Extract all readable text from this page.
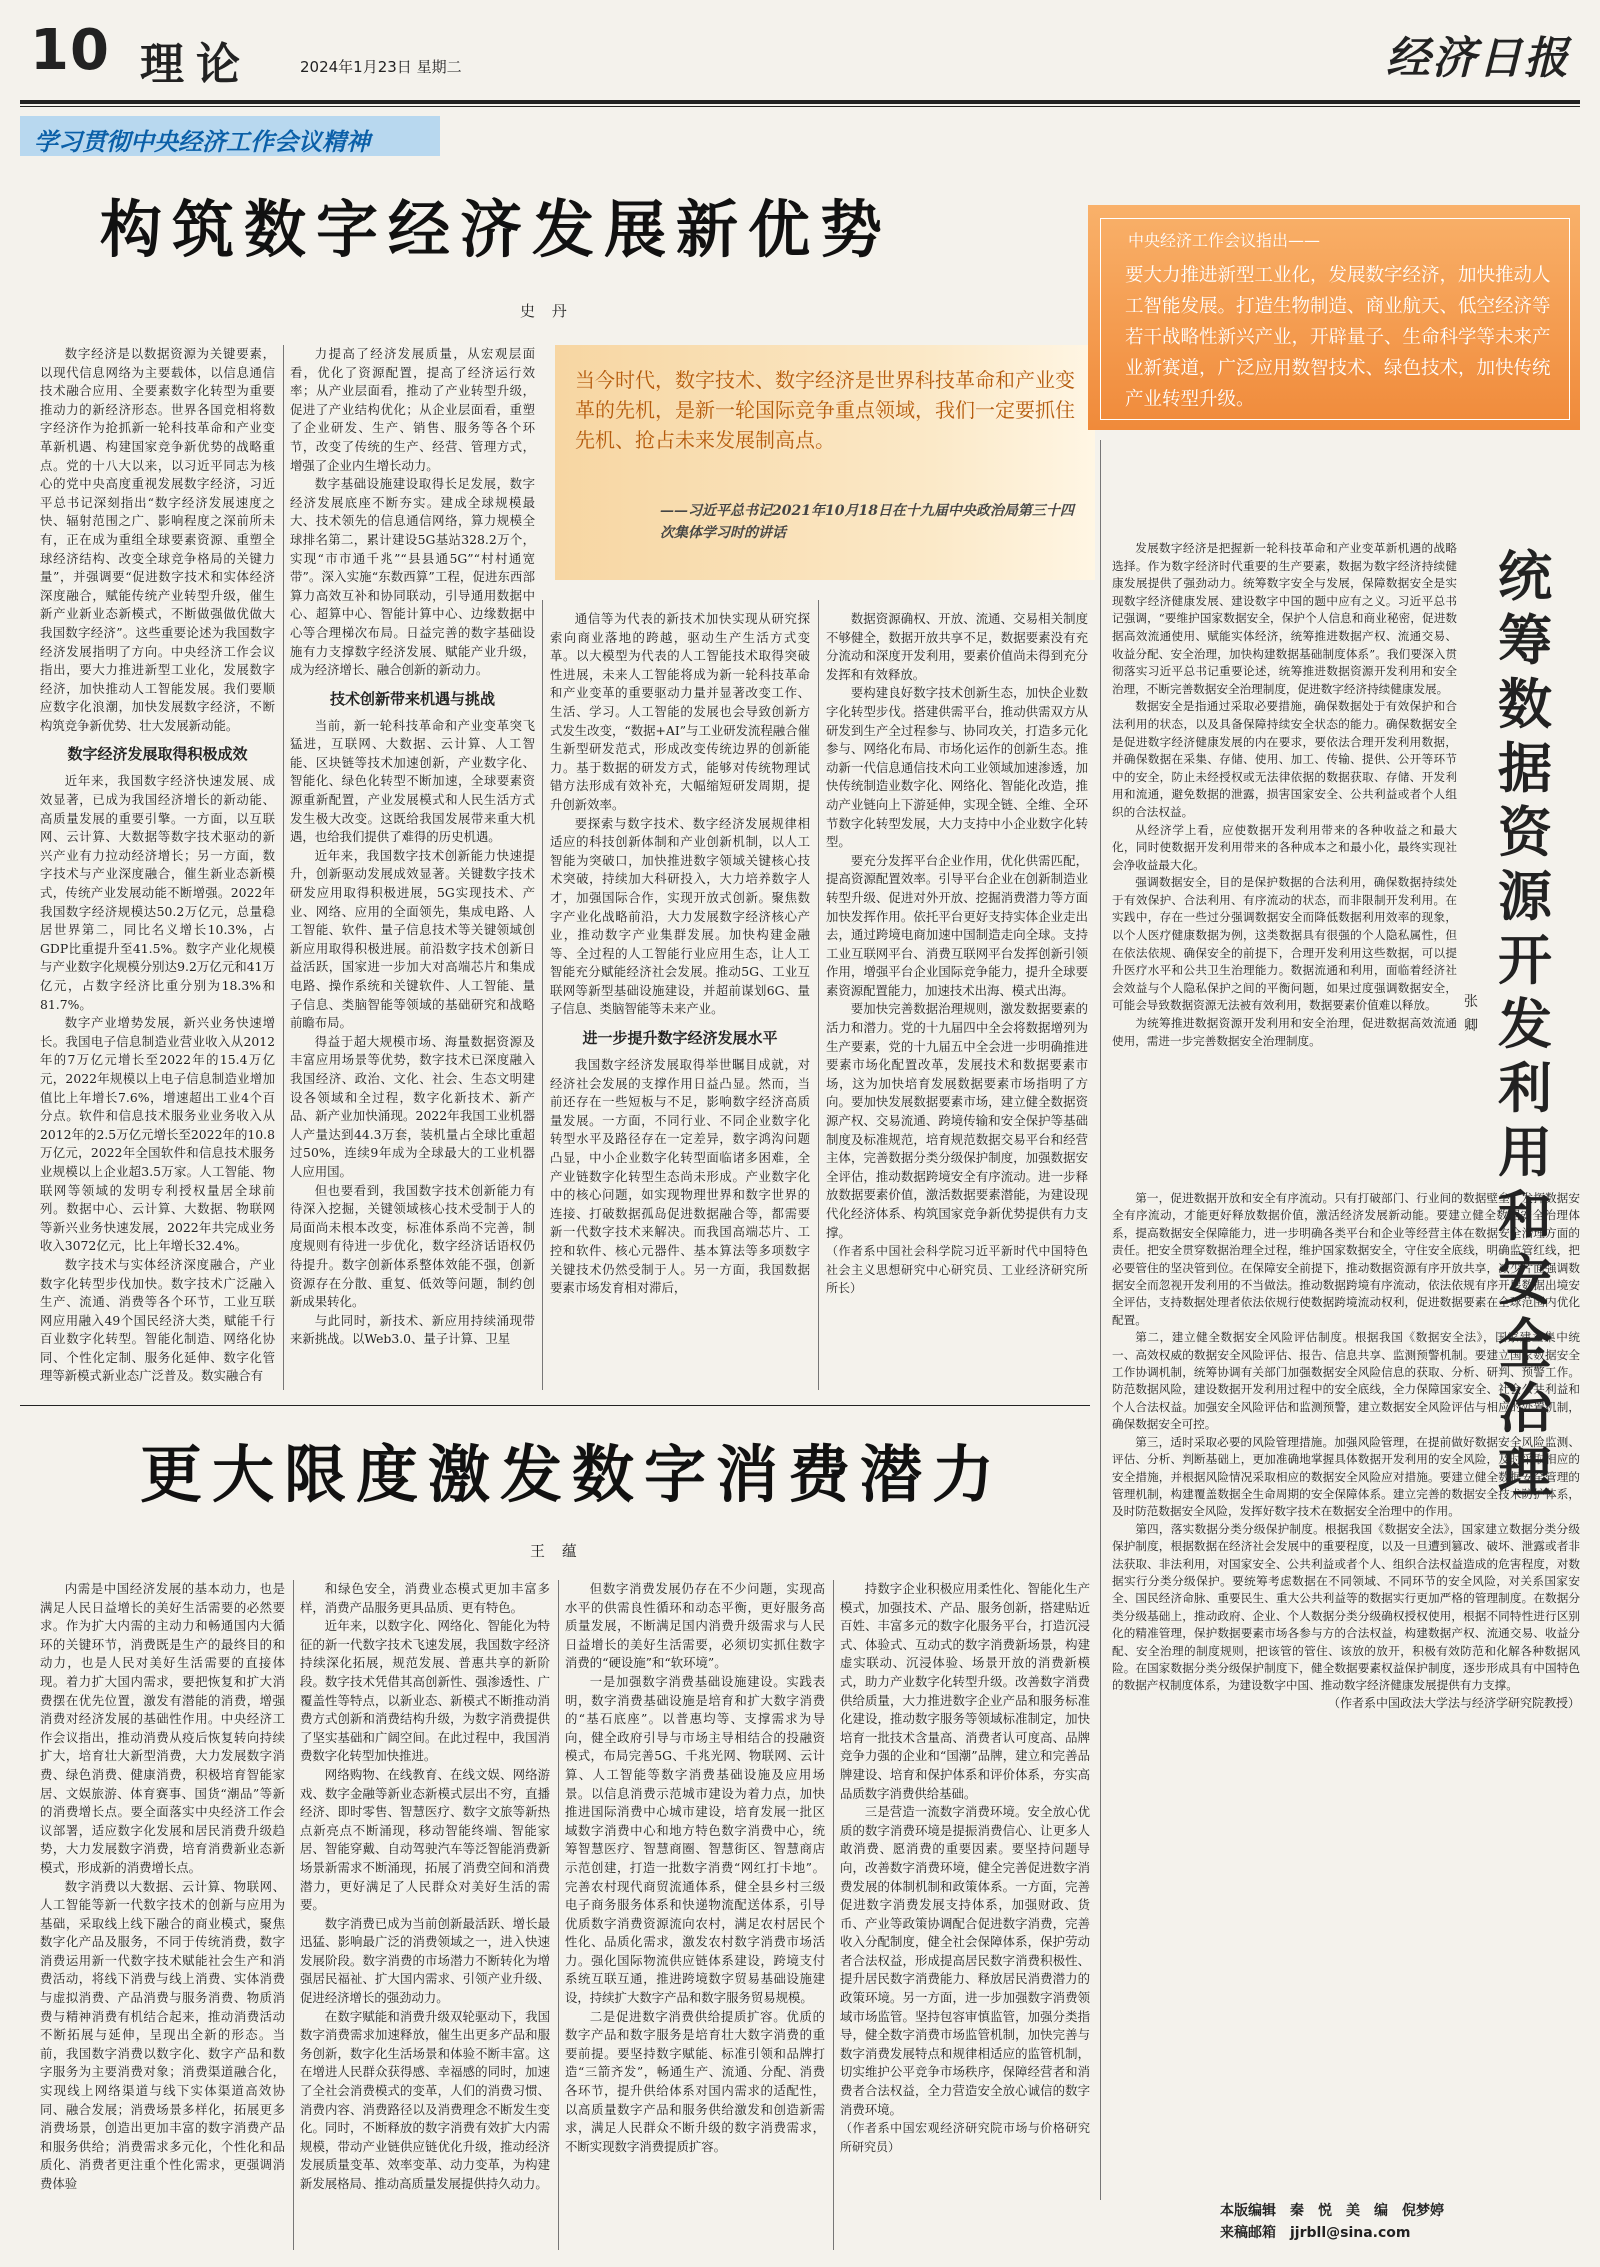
10 理论	2024年1月23日 星期二	经济日报
学习贯彻中央经济工作会议精神
构筑数字经济发展新优势
史 丹

数字经济是以数据资源为关键要素，以现代信息网络为主要载体，以信息通信技术融合应用、全要素数字化转型为重要推动力的新经济形态。世界各国竞相将数字经济作为抢抓新一轮科技革命和产业变革新机遇、构建国家竞争新优势的战略重点。党的十八大以来，以习近平同志为核心的党中央高度重视发展数字经济，习近平总书记深刻指出“数字经济发展速度之快、辐射范围之广、影响程度之深前所未有，正在成为重组全球要素资源、重塑全球经济结构、改变全球竞争格局的关键力量”，并强调要“促进数字技术和实体经济深度融合，赋能传统产业转型升级，催生新产业新业态新模式，不断做强做优做大我国数字经济”。这些重要论述为我国数字经济发展指明了方向。中央经济工作会议指出，要大力推进新型工业化，发展数字经济，加快推动人工智能发展。我们要顺应数字化浪潮，加快发展数字经济，不断构筑竞争新优势、壮大发展新动能。

数字经济发展取得积极成效

近年来，我国数字经济快速发展、成效显著，已成为我国经济增长的新动能、高质量发展的重要引擎。一方面，以互联网、云计算、大数据等数字技术驱动的新兴产业有力拉动经济增长；另一方面，数字技术与产业深度融合，催生新业态新模式，传统产业发展动能不断增强。2022年我国数字经济规模达50.2万亿元，总量稳居世界第二，同比名义增长10.3%，占GDP比重提升至41.5%。数字产业化规模与产业数字化规模分别达9.2万亿元和41万亿元，占数字经济比重分别为18.3%和81.7%。

数字产业增势发展，新兴业务快速增长。我国电子信息制造业营业收入从2012年的7万亿元增长至2022年的15.4万亿元，2022年规模以上电子信息制造业增加值比上年增长7.6%，增速超出工业4个百分点。软件和信息技术服务业业务收入从2012年的2.5万亿元增长至2022年的10.8万亿元，2022年全国软件和信息技术服务业规模以上企业超3.5万家。人工智能、物联网等领域的发明专利授权量居全球前列。数据中心、云计算、大数据、物联网等新兴业务快速发展，2022年共完成业务收入3072亿元，比上年增长32.4%。

数字技术与实体经济深度融合，产业数字化转型步伐加快。数字技术广泛融入生产、流通、消费等各个环节，工业互联网应用融入49个国民经济大类，赋能千行百业数字化转型。智能化制造、网络化协同、个性化定制、服务化延伸、数字化管理等新模式新业态广泛普及。数实融合有

力提高了经济发展质量，从宏观层面看，优化了资源配置，提高了经济运行效率；从产业层面看，推动了产业转型升级，促进了产业结构优化；从企业层面看，重塑了企业研发、生产、销售、服务等各个环节，改变了传统的生产、经营、管理方式，增强了企业内生增长动力。

数字基础设施建设取得长足发展，数字经济发展底座不断夯实。建成全球规模最大、技术领先的信息通信网络，算力规模全球排名第二，累计建设5G基站328.2万个，实现“市市通千兆”“县县通5G”“村村通宽带”。深入实施“东数西算”工程，促进东西部算力高效互补和协同联动，引导通用数据中心、超算中心、智能计算中心、边缘数据中心等合理梯次布局。日益完善的数字基础设施有力支撑数字经济发展、赋能产业升级，成为经济增长、融合创新的新动力。

技术创新带来机遇与挑战

当前，新一轮科技革命和产业变革突飞猛进，互联网、大数据、云计算、人工智能、区块链等技术加速创新，产业数字化、智能化、绿色化转型不断加速，全球要素资源重新配置，产业发展模式和人民生活方式发生极大改变。这既给我国发展带来重大机遇，也给我们提供了难得的历史机遇。

近年来，我国数字技术创新能力快速提升，创新驱动发展成效显著。关键数字技术研发应用取得积极进展，5G实现技术、产业、网络、应用的全面领先，集成电路、人工智能、软件、量子信息技术等关键领域创新应用取得积极进展。前沿数字技术创新日益活跃，国家进一步加大对高端芯片和集成电路、操作系统和关键软件、人工智能、量子信息、类脑智能等领域的基础研究和战略前瞻布局。

得益于超大规模市场、海量数据资源及丰富应用场景等优势，数字技术已深度融入我国经济、政治、文化、社会、生态文明建设各领域和全过程，数字化新技术、新产品、新产业加快涌现。2022年我国工业机器人产量达到44.3万套，装机量占全球比重超过50%，连续9年成为全球最大的工业机器人应用国。

但也要看到，我国数字技术创新能力有待深入挖掘，关键领域核心技术受制于人的局面尚未根本改变，标准体系尚不完善，制度规则有待进一步优化，数字经济话语权仍待提升。数字创新体系整体效能不强，创新资源存在分散、重复、低效等问题，制约创新成果转化。

与此同时，新技术、新应用持续涌现带来新挑战。以Web3.0、量子计算、卫星

当今时代，数字技术、数字经济是世界科技革命和产业变革的先机，是新一轮国际竞争重点领域，我们一定要抓住先机、抢占未来发展制高点。
——习近平总书记2021年10月18日在十九届中央政治局第三十四次集体学习时的讲话

通信等为代表的新技术加快实现从研究探索向商业落地的跨越，驱动生产生活方式变革。以大模型为代表的人工智能技术取得突破性进展，未来人工智能将成为新一轮科技革命和产业变革的重要驱动力量并显著改变工作、生活、学习。人工智能的发展也会导致创新方式发生改变，“数据+AI”与工业研发流程融合催生新型研发范式，形成改变传统边界的创新能力。基于数据的研发方式，能够对传统物理试错方法形成有效补充，大幅缩短研发周期，提升创新效率。

要探索与数字技术、数字经济发展规律相适应的科技创新体制和产业创新机制，以人工智能为突破口，加快推进数字领域关键核心技术突破，持续加大科研投入，大力培养数字人才，加强国际合作，实现开放式创新。聚焦数字产业化战略前沿，大力发展数字经济核心产业，推动数字产业集群发展。加快构建金融等、全过程的人工智能行业应用生态，让人工智能充分赋能经济社会发展。推动5G、工业互联网等新型基础设施建设，并超前谋划6G、量子信息、类脑智能等未来产业。

进一步提升数字经济发展水平

我国数字经济发展取得举世瞩目成就，对经济社会发展的支撑作用日益凸显。然而，当前还存在一些短板与不足，影响数字经济高质量发展。一方面，不同行业、不同企业数字化转型水平及路径存在一定差异，数字鸿沟问题凸显，中小企业数字化转型面临诸多困难，全产业链数字化转型生态尚未形成。产业数字化中的核心问题，如实现物理世界和数字世界的连接、打破数据孤岛促进数据融合等，都需要新一代数字技术来解决。而我国高端芯片、工控和软件、核心元器件、基本算法等多项数字关键技术仍然受制于人。另一方面，我国数据要素市场发育相对滞后，

数据资源确权、开放、流通、交易相关制度不够健全，数据开放共享不足，数据要素没有充分流动和深度开发利用，要素价值尚未得到充分发挥和有效释放。

要构建良好数字技术创新生态，加快企业数字化转型步伐。搭建供需平台，推动供需双方从研发到生产全过程参与、协同攻关，打造多元化参与、网络化布局、市场化运作的创新生态。推动新一代信息通信技术向工业领域加速渗透，加快传统制造业数字化、网络化、智能化改造，推动产业链向上下游延伸，实现全链、全维、全环节数字化转型发展，大力支持中小企业数字化转型。

要充分发挥平台企业作用，优化供需匹配，提高资源配置效率。引导平台企业在创新制造业转型升级、促进对外开放、挖掘消费潜力等方面加快发挥作用。依托平台更好支持实体企业走出去，通过跨境电商加速中国制造走向全球。支持工业互联网平台、消费互联网平台发挥创新引领作用，增强平台企业国际竞争能力，提升全球要素资源配置能力，加速技术出海、模式出海。

要加快完善数据治理规则，激发数据要素的活力和潜力。党的十九届四中全会将数据增列为生产要素，党的十九届五中全会进一步明确推进要素市场化配置改革，发展技术和数据要素市场，这为加快培育发展数据要素市场指明了方向。要加快发展数据要素市场，建立健全数据资源产权、交易流通、跨境传输和安全保护等基础制度及标准规范，培育规范数据交易平台和经营主体，完善数据分类分级保护制度，加强数据安全评估，推动数据跨境安全有序流动。进一步释放数据要素价值，激活数据要素潜能，为建设现代化经济体系、构筑国家竞争新优势提供有力支撑。

（作者系中国社会科学院习近平新时代中国特色社会主义思想研究中心研究员、工业经济研究所所长）

中央经济工作会议指出——
要大力推进新型工业化，发展数字经济，加快推动人工智能发展。打造生物制造、商业航天、低空经济等若干战略性新兴产业，开辟量子、生命科学等未来产业新赛道，广泛应用数智技术、绿色技术，加快传统产业转型升级。
统筹数据资源开发利用和安全治理
张 卿

发展数字经济是把握新一轮科技革命和产业变革新机遇的战略选择。作为数字经济时代重要的生产要素，数据为数字经济持续健康发展提供了强劲动力。统筹数字安全与发展，保障数据安全是实现数字经济健康发展、建设数字中国的题中应有之义。习近平总书记强调，“要维护国家数据安全，保护个人信息和商业秘密，促进数据高效流通使用、赋能实体经济，统筹推进数据产权、流通交易、收益分配、安全治理，加快构建数据基础制度体系”。我们要深入贯彻落实习近平总书记重要论述，统筹推进数据资源开发利用和安全治理，不断完善数据安全治理制度，促进数字经济持续健康发展。

数据安全是指通过采取必要措施，确保数据处于有效保护和合法利用的状态，以及具备保障持续安全状态的能力。确保数据安全是促进数字经济健康发展的内在要求，要依法合理开发利用数据，并确保数据在采集、存储、使用、加工、传输、提供、公开等环节中的安全，防止未经授权或无法律依据的数据获取、存储、开发利用和流通，避免数据的泄露，损害国家安全、公共利益或者个人组织的合法权益。

从经济学上看，应使数据开发利用带来的各种收益之和最大化，同时使数据开发利用带来的各种成本之和最小化，最终实现社会净收益最大化。

强调数据安全，目的是保护数据的合法利用，确保数据持续处于有效保护、合法利用、有序流动的状态，而非限制开发利用。在实践中，存在一些过分强调数据安全而降低数据利用效率的现象，以个人医疗健康数据为例，这类数据具有很强的个人隐私属性，但在依法依规、确保安全的前提下，合理开发利用这些数据，可以提升医疗水平和公共卫生治理能力。数据流通和利用，面临着经济社会效益与个人隐私保护之间的平衡问题，如果过度强调数据安全，可能会导致数据资源无法被有效利用，数据要素价值难以释放。

为统筹推进数据资源开发利用和安全治理，促进数据高效流通使用，需进一步完善数据安全治理制度。

第一，促进数据开放和安全有序流动。只有打破部门、行业间的数据壁垒，发挥数据安全有序流动，才能更好释放数据价值，激活经济发展新动能。要建立健全数据安全治理体系，提高数据安全保障能力，进一步明确各类平台和企业等经营主体在数据安全治理方面的责任。把安全贯穿数据治理全过程，维护国家数据安全，守住安全底线，明确监管红线，把必要管住的坚决管到位。在保障安全前提下，推动数据资源有序开放共享，减少片面强调数据安全而忽视开发利用的不当做法。推动数据跨境有序流动，依法依规有序开展数据出境安全评估，支持数据处理者依法依规行使数据跨境流动权利，促进数据要素在全球范围内优化配置。

第二，建立健全数据安全风险评估制度。根据我国《数据安全法》，国家建立集中统一、高效权威的数据安全风险评估、报告、信息共享、监测预警机制。要建立国家数据安全工作协调机制，统筹协调有关部门加强数据安全风险信息的获取、分析、研判、预警工作。防范数据风险，建设数据开发利用过程中的安全底线，全力保障国家安全、社会公共利益和个人合法权益。加强安全风险评估和监测预警，建立数据安全风险评估与相应的处置机制，确保数据安全可控。

第三，适时采取必要的风险管理措施。加强风险管理，在提前做好数据安全风险监测、评估、分析、判断基础上，更加准确地掌握具体数据开发利用的安全风险，及时采取相应的安全措施，并根据风险情况采取相应的数据安全风险应对措施。要建立健全数据安全管理的管理机制，构建覆盖数据全生命周期的安全保障体系。建立完善的数据安全技术防护体系，及时防范数据安全风险，发挥好数字技术在数据安全治理中的作用。

第四，落实数据分类分级保护制度。根据我国《数据安全法》，国家建立数据分类分级保护制度，根据数据在经济社会发展中的重要程度，以及一旦遭到篡改、破坏、泄露或者非法获取、非法利用，对国家安全、公共利益或者个人、组织合法权益造成的危害程度，对数据实行分类分级保护。要统筹考虑数据在不同领域、不同环节的安全风险，对关系国家安全、国民经济命脉、重要民生、重大公共利益等的数据实行更加严格的管理制度。在数据分类分级基础上，推动政府、企业、个人数据分类分级确权授权使用，根据不同特性进行区别化的精准管理，保护数据要素市场各参与方的合法权益，构建数据产权、流通交易、收益分配、安全治理的制度规则，把该管的管住、该放的放开，积极有效防范和化解各种数据风险。在国家数据分类分级保护制度下，健全数据要素权益保护制度，逐步形成具有中国特色的数据产权制度体系，为建设数字中国、推动数字经济健康发展提供有力支撑。

（作者系中国政法大学法与经济学研究院教授）

更大限度激发数字消费潜力
王 蕴

内需是中国经济发展的基本动力，也是满足人民日益增长的美好生活需要的必然要求。作为扩大内需的主动力和畅通国内大循环的关键环节，消费既是生产的最终目的和动力，也是人民对美好生活需要的直接体现。着力扩大国内需求，要把恢复和扩大消费摆在优先位置，激发有潜能的消费，增强消费对经济发展的基础性作用。中央经济工作会议指出，推动消费从疫后恢复转向持续扩大，培育壮大新型消费，大力发展数字消费、绿色消费、健康消费，积极培育智能家居、文娱旅游、体育赛事、国货“潮品”等新的消费增长点。要全面落实中央经济工作会议部署，适应数字化发展和居民消费升级趋势，大力发展数字消费，培育消费新业态新模式，形成新的消费增长点。

数字消费以大数据、云计算、物联网、人工智能等新一代数字技术的创新与应用为基础，采取线上线下融合的商业模式，聚焦数字化产品及服务，不同于传统消费，数字消费运用新一代数字技术赋能社会生产和消费活动，将线下消费与线上消费、实体消费与虚拟消费、产品消费与服务消费、物质消费与精神消费有机结合起来，推动消费活动不断拓展与延伸，呈现出全新的形态。当前，我国数字消费以数字化、数字产品和数字服务为主要消费对象；消费渠道融合化，实现线上网络渠道与线下实体渠道高效协同、融合发展；消费场景多样化，拓展更多消费场景，创造出更加丰富的数字消费产品和服务供给；消费需求多元化，个性化和品质化、消费者更注重个性化需求，更强调消费体验

和绿色安全，消费业态模式更加丰富多样，消费产品服务更具品质、更有特色。

近年来，以数字化、网络化、智能化为特征的新一代数字技术飞速发展，我国数字经济持续深化拓展，规范发展、普惠共享的新阶段。数字技术凭借其高创新性、强渗透性、广覆盖性等特点，以新业态、新模式不断推动消费方式创新和消费结构升级，为数字消费提供了坚实基础和广阔空间。在此过程中，我国消费数字化转型加快推进。

网络购物、在线教育、在线文娱、网络游戏、数字金融等新业态新模式层出不穷，直播经济、即时零售、智慧医疗、数字文旅等新热点新亮点不断涌现，移动智能终端、智能家居、智能穿戴、自动驾驶汽车等泛智能消费新场景新需求不断涌现，拓展了消费空间和消费潜力，更好满足了人民群众对美好生活的需要。

数字消费已成为当前创新最活跃、增长最迅猛、影响最广泛的消费领域之一，进入快速发展阶段。数字消费的市场潜力不断转化为增强居民福祉、扩大国内需求、引领产业升级、促进经济增长的强劲动力。

在数字赋能和消费升级双轮驱动下，我国数字消费需求加速释放，催生出更多产品和服务创新，数字化生活场景和体验不断丰富。这在增进人民群众获得感、幸福感的同时，加速了全社会消费模式的变革，人们的消费习惯、消费内容、消费路径以及消费理念不断发生变化。同时，不断释放的数字消费有效扩大内需规模，带动产业链供应链优化升级，推动经济发展质量变革、效率变革、动力变革，为构建新发展格局、推动高质量发展提供持久动力。

但数字消费发展仍存在不少问题，实现高水平的供需良性循环和动态平衡，更好服务高质量发展，不断满足国内消费升级需求与人民日益增长的美好生活需要，必须切实抓住数字消费的“硬设施”和“软环境”。

一是加强数字消费基础设施建设。实践表明，数字消费基础设施是培育和扩大数字消费的“基石底座”。以普惠均等、支撑需求为导向，健全政府引导与市场主导相结合的投融资模式，布局完善5G、千兆光网、物联网、云计算、人工智能等数字消费基础设施及应用场景。以信息消费示范城市建设为着力点，加快推进国际消费中心城市建设，培育发展一批区域数字消费中心和地方特色数字消费中心，统筹智慧医疗、智慧商圈、智慧街区、智慧商店示范创建，打造一批数字消费“网红打卡地”。完善农村现代商贸流通体系，健全县乡村三级电子商务服务体系和快递物流配送体系，引导优质数字消费资源流向农村，满足农村居民个性化、品质化需求，激发农村数字消费市场活力。强化国际物流供应链体系建设，跨境支付系统互联互通，推进跨境数字贸易基础设施建设，持续扩大数字产品和数字服务贸易规模。

二是促进数字消费供给提质扩容。优质的数字产品和数字服务是培育壮大数字消费的重要前提。要坚持数字赋能、标准引领和品牌打造“三箭齐发”，畅通生产、流通、分配、消费各环节，提升供给体系对国内需求的适配性，以高质量数字产品和服务供给激发和创造新需求，满足人民群众不断升级的数字消费需求，不断实现数字消费提质扩容。

持数字企业积极应用柔性化、智能化生产模式，加强技术、产品、服务创新，搭建贴近百姓、丰富多元的数字化服务平台，打造沉浸式、体验式、互动式的数字消费新场景，构建虚实联动、沉浸体验、场景开放的消费新模式，助力产业数字化转型升级。改善数字消费供给质量，大力推进数字企业产品和服务标准化建设，推动数字服务等领域标准制定，加快培育一批技术含量高、消费者认可度高、品牌竞争力强的企业和“国潮”品牌，建立和完善品牌建设、培育和保护体系和评价体系，夯实高品质数字消费供给基础。

三是营造一流数字消费环境。安全放心优质的数字消费环境是提振消费信心、让更多人敢消费、愿消费的重要因素。要坚持问题导向，改善数字消费环境，健全完善促进数字消费发展的体制机制和政策体系。一方面，完善促进数字消费发展支持体系，加强财政、货币、产业等政策协调配合促进数字消费，完善收入分配制度，健全社会保障体系，保护劳动者合法权益，形成提高居民数字消费积极性、提升居民数字消费能力、释放居民消费潜力的政策环境。另一方面，进一步加强数字消费领域市场监管。坚持包容审慎监管，加强分类指导，健全数字消费市场监管机制，加快完善与数字消费发展特点和规律相适应的监管机制，切实维护公平竞争市场秩序，保障经营者和消费者合法权益，全力营造安全放心诚信的数字消费环境。

（作者系中国宏观经济研究院市场与价格研究所研究员）

本版编辑　秦　悦　美　编　倪梦婷
来稿邮箱　jjrbll@sina.com
